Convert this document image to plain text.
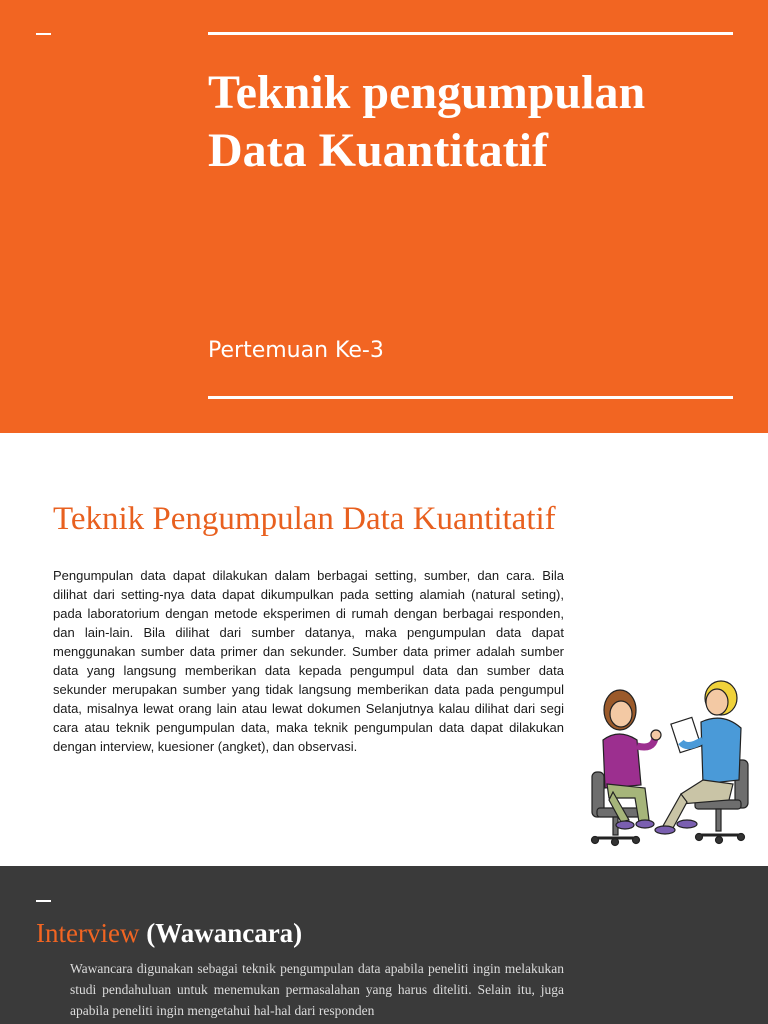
Teknik pengumpulan
Data Kuantitatif

Pertemuan Ke-3

Teknik Pengumpulan Data Kuantitatif

Pengumpulan data dapat dilakukan dalam berbagai setting, sumber, dan cara. Bila dilihat dari setting-nya data dapat dikumpulkan pada setting alamiah (natural seting), pada laboratorium dengan metode eksperimen di rumah dengan berbagai responden, dan lain-lain. Bila dilihat dari sumber datanya, maka pengumpulan data dapat menggunakan sumber data primer dan sekunder. Sumber data primer adalah sumber data yang langsung memberikan data kepada pengumpul data dan sumber data sekunder merupakan sumber yang tidak langsung memberikan data pada pengumpul data, misalnya lewat orang lain atau lewat dokumen Selanjutnya kalau dilihat dari segi cara atau teknik pengumpulan data, maka teknik pengumpulan data dapat dilakukan dengan interview, kuesioner (angket), dan observasi.

Interview (Wawancara)

Wawancara digunakan sebagai teknik pengumpulan data apabila peneliti ingin melakukan studi pendahuluan untuk menemukan permasalahan yang harus diteliti. Selain itu, juga apabila peneliti ingin mengetahui hal-hal dari responden
